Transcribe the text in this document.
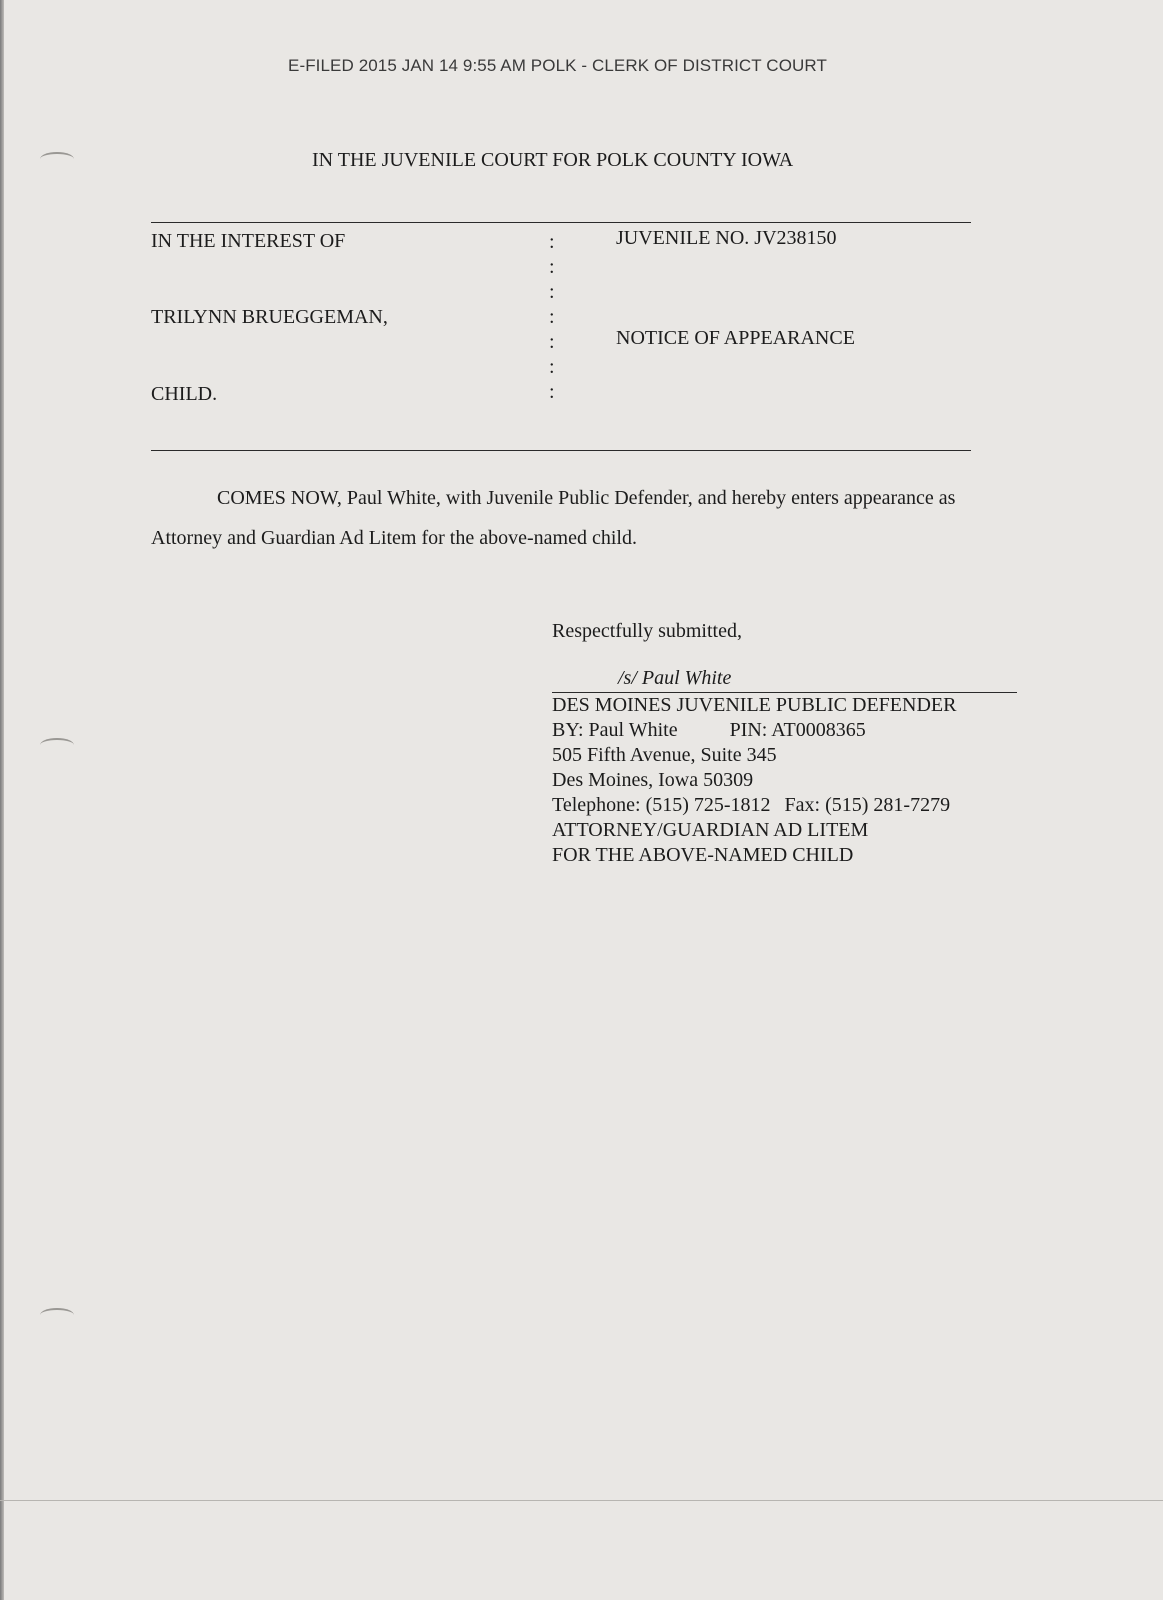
E-FILED 2015 JAN 14 9:55 AM POLK - CLERK OF DISTRICT COURT
IN THE JUVENILE COURT FOR POLK COUNTY IOWA
IN THE INTEREST OF
TRILYNN BRUEGGEMAN,
CHILD.
:
:
:
:
:
:
:
JUVENILE NO. JV238150
NOTICE OF APPEARANCE
COMES NOW, Paul White, with Juvenile Public Defender, and hereby enters appearance as Attorney and Guardian Ad Litem for the above-named child.
Respectfully submitted,
/s/ Paul White
DES MOINES JUVENILE PUBLIC DEFENDER
BY: Paul White	PIN: AT0008365
505 Fifth Avenue, Suite 345
Des Moines, Iowa 50309
Telephone: (515) 725-1812 Fax: (515) 281-7279
ATTORNEY/GUARDIAN AD LITEM
FOR THE ABOVE-NAMED CHILD
